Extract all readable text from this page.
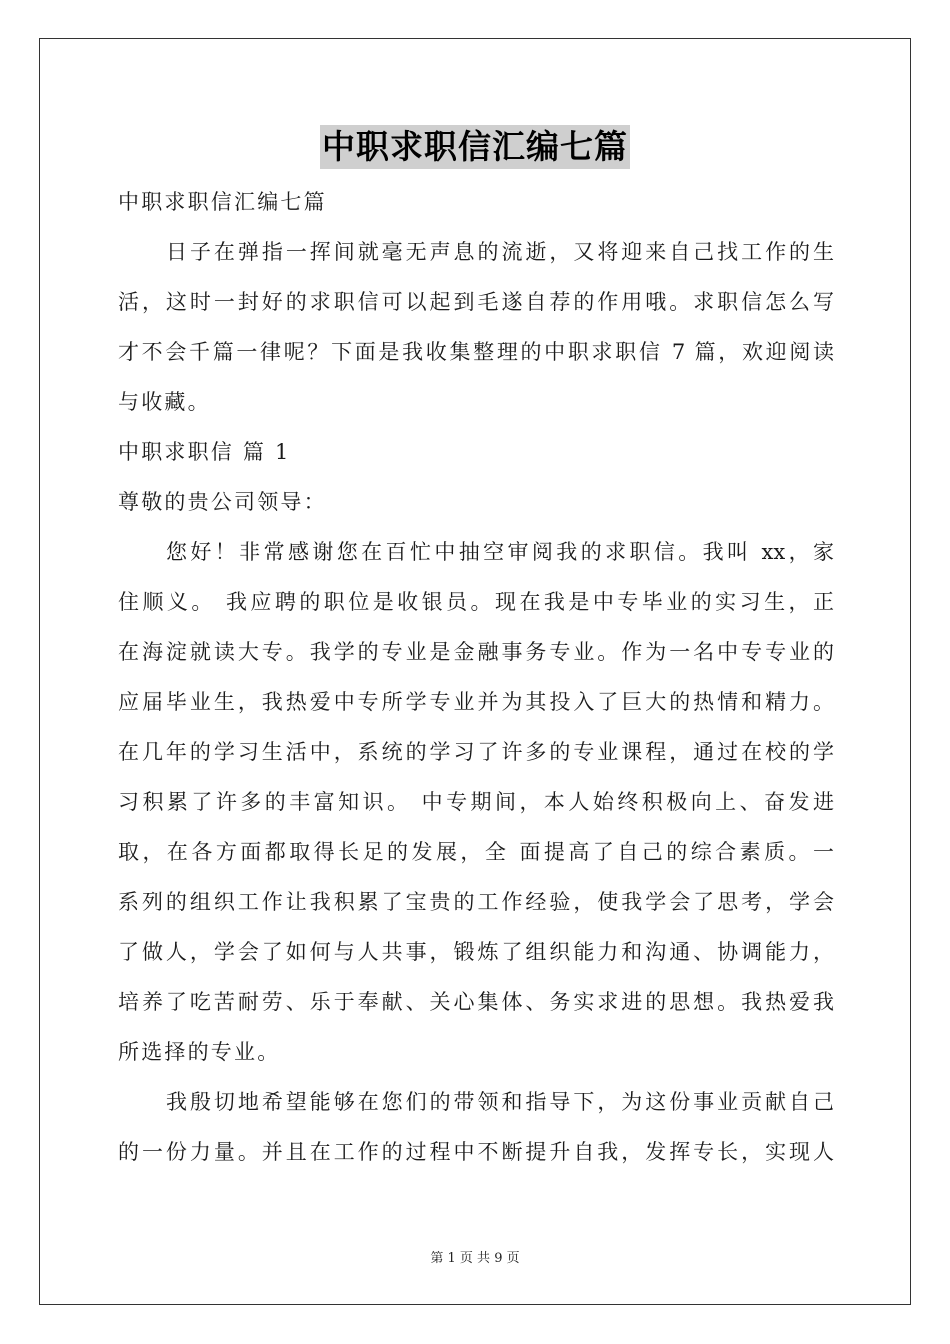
中职求职信汇编七篇
中职求职信汇编七篇
日子在弹指一挥间就毫无声息的流逝，又将迎来自己找工作的生
活，这时一封好的求职信可以起到毛遂自荐的作用哦。求职信怎么写
才不会千篇一律呢？下面是我收集整理的中职求职信 7 篇，欢迎阅读
与收藏。
中职求职信 篇 1
尊敬的贵公司领导：
您好！非常感谢您在百忙中抽空审阅我的求职信。我叫 xx，家
住顺义。 我应聘的职位是收银员。现在我是中专毕业的实习生，正
在海淀就读大专。我学的专业是金融事务专业。作为一名中专专业的
应届毕业生，我热爱中专所学专业并为其投入了巨大的热情和精力。
在几年的学习生活中，系统的学习了许多的专业课程，通过在校的学
习积累了许多的丰富知识。 中专期间，本人始终积极向上、奋发进
取，在各方面都取得长足的发展，全 面提高了自己的综合素质。一
系列的组织工作让我积累了宝贵的工作经验，使我学会了思考，学会
了做人，学会了如何与人共事，锻炼了组织能力和沟通、协调能力，
培养了吃苦耐劳、乐于奉献、关心集体、务实求进的思想。我热爱我
所选择的专业。
我殷切地希望能够在您们的带领和指导下，为这份事业贡献自己
的一份力量。并且在工作的过程中不断提升自我，发挥专长，实现人
第 1 页 共 9 页
